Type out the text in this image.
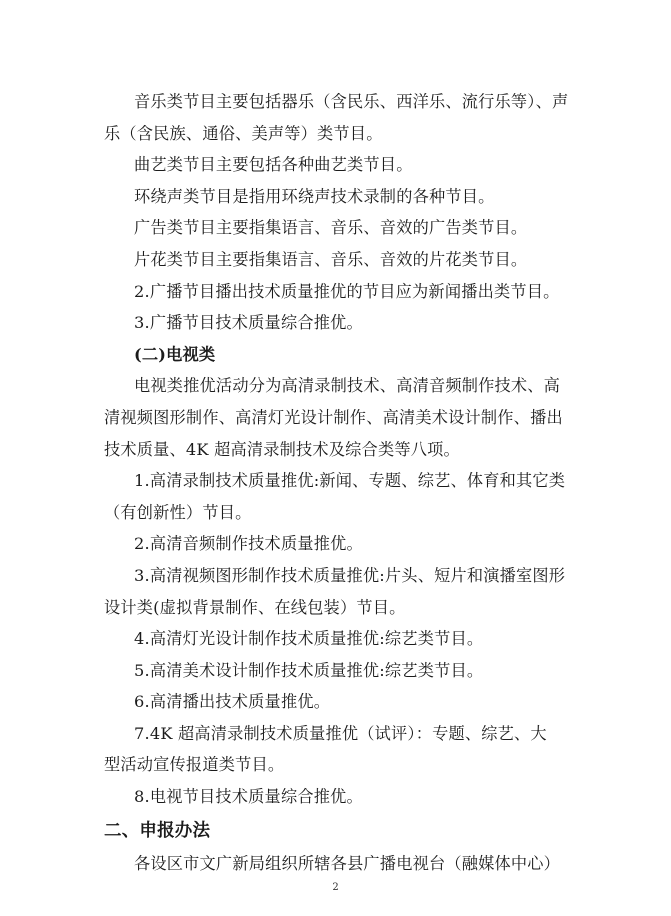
音乐类节目主要包括器乐（含民乐、西洋乐、流行乐等）、声
乐（含民族、通俗、美声等）类节目。
曲艺类节目主要包括各种曲艺类节目。
环绕声类节目是指用环绕声技术录制的各种节目。
广告类节目主要指集语言、音乐、音效的广告类节目。
片花类节目主要指集语言、音乐、音效的片花类节目。
2.广播节目播出技术质量推优的节目应为新闻播出类节目。
3.广播节目技术质量综合推优。
(二)电视类
电视类推优活动分为高清录制技术、高清音频制作技术、高
清视频图形制作、高清灯光设计制作、高清美术设计制作、播出
技术质量、4K 超高清录制技术及综合类等八项。
1.高清录制技术质量推优:新闻、专题、综艺、体育和其它类
（有创新性）节目。
2.高清音频制作技术质量推优。
3.高清视频图形制作技术质量推优:片头、短片和演播室图形
设计类(虚拟背景制作、在线包装）节目。
4.高清灯光设计制作技术质量推优:综艺类节目。
5.高清美术设计制作技术质量推优:综艺类节目。
6.高清播出技术质量推优。
7.4K 超高清录制技术质量推优（试评）：专题、综艺、大
型活动宣传报道类节目。
8.电视节目技术质量综合推优。
二、申报办法
各设区市文广新局组织所辖各县广播电视台（融媒体中心）
2
